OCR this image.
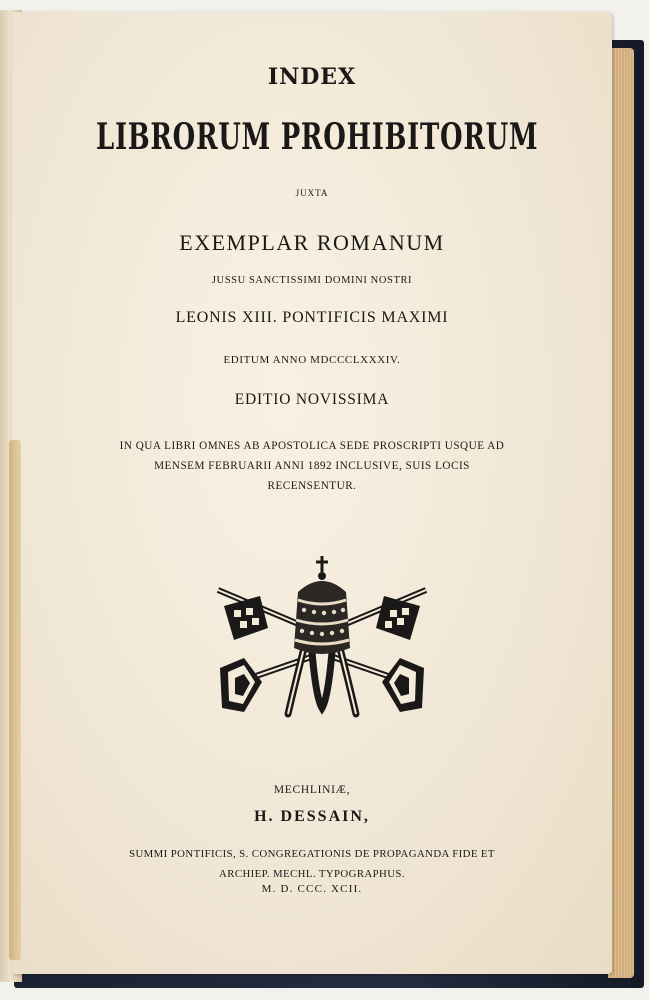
INDEX
LIBRORUM PROHIBITORUM
JUXTA
EXEMPLAR ROMANUM
JUSSU SANCTISSIMI DOMINI NOSTRI
LEONIS XIII. PONTIFICIS MAXIMI
EDITUM ANNO MDCCCLXXXIV.
EDITIO NOVISSIMA
IN QUA LIBRI OMNES AB APOSTOLICA SEDE PROSCRIPTI USQUE AD
MENSEM FEBRUARII ANNI 1892 INCLUSIVE, SUIS LOCIS
RECENSENTUR.
MECHLINIÆ,
H. DESSAIN,
SUMMI PONTIFICIS, S. CONGREGATIONIS DE PROPAGANDA FIDE ET
ARCHIEP. MECHL. TYPOGRAPHUS.
M. D. CCC. XCII.
